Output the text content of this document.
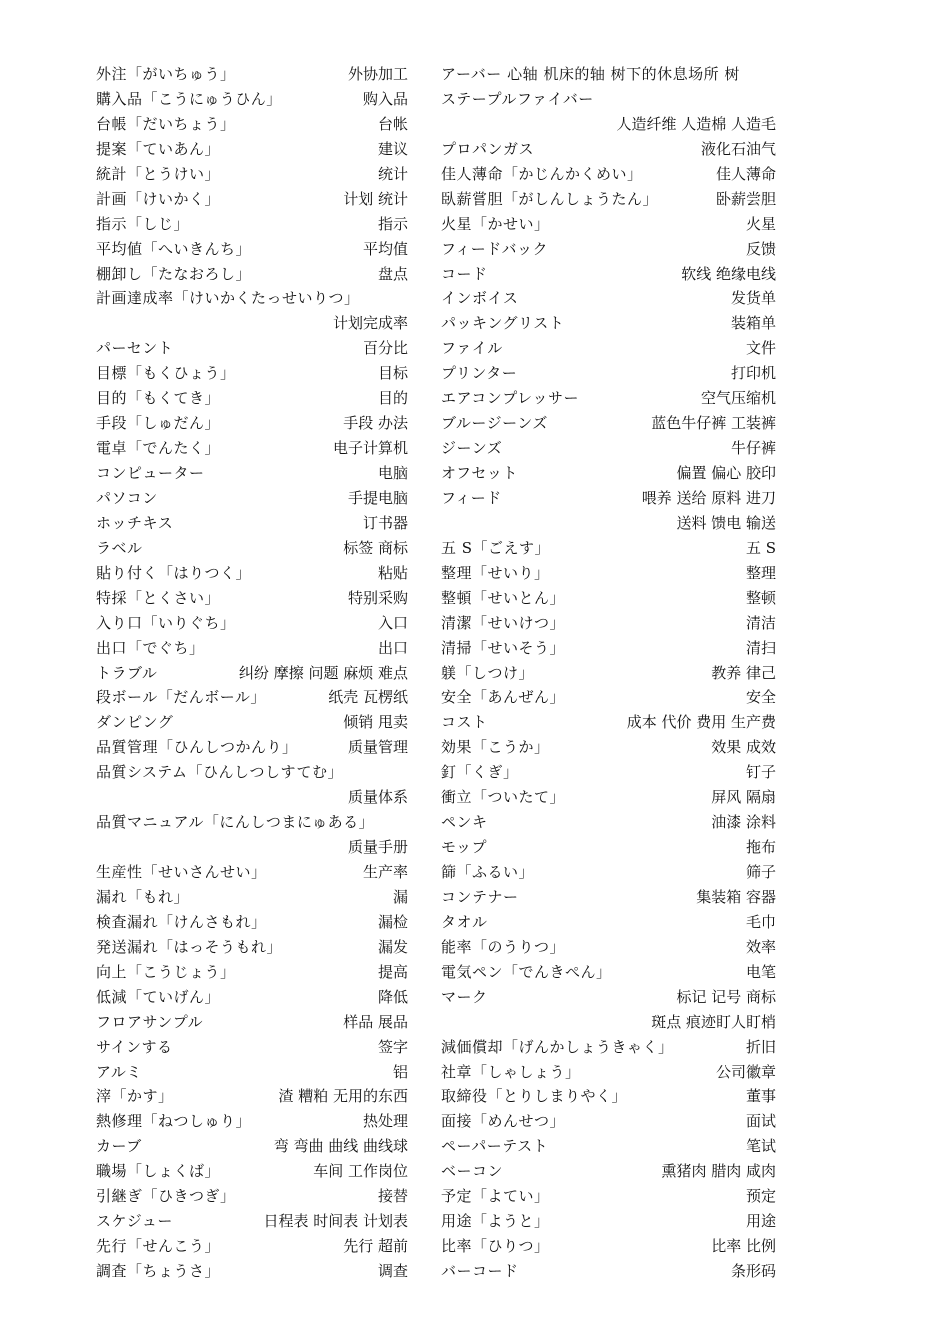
外注「がいちゅう」	外协加工
購入品「こうにゅうひん」	购入品
台帳「だいちょう」	台帐
提案「ていあん」	建议
統計「とうけい」	统计
計画「けいかく」	计划 统计
指示「しじ」	指示
平均値「へいきんち」	平均值
棚卸し「たなおろし」	盘点
計画達成率「けいかくたっせいりつ」
计划完成率
パーセント	百分比
目標「もくひょう」	目标
目的「もくてき」	目的
手段「しゅだん」	手段 办法
電卓「でんたく」	电子计算机
コンピューター	电脑
パソコン	手提电脑
ホッチキス	订书器
ラベル	标签 商标
貼り付く「はりつく」	粘贴
特採「とくさい」	特别采购
入り口「いりぐち」	入口
出口「でぐち」	出口
トラブル	纠纷 摩擦 问题 麻烦 难点
段ボール「だんボール」	纸壳 瓦楞纸
ダンピング	倾销 甩卖
品質管理「ひんしつかんり」	质量管理
品質システム「ひんしつしすてむ」
质量体系
品質マニュアル「にんしつまにゅある」
质量手册
生産性「せいさんせい」	生产率
漏れ「もれ」	漏
検査漏れ「けんさもれ」	漏检
発送漏れ「はっそうもれ」	漏发
向上「こうじょう」	提高
低減「ていげん」	降低
フロアサンプル	样品 展品
サインする	签字
アルミ	铝
滓「かす」	渣 糟粕 无用的东西
熱修理「ねつしゅり」	热处理
カーブ	弯 弯曲 曲线 曲线球
職場「しょくば」	车间 工作岗位
引継ぎ「ひきつぎ」	接替
スケジュー	日程表 时间表 计划表
先行「せんこう」	先行 超前
調査「ちょうさ」	调查
アーバー 心轴 机床的轴 树下的休息场所 树
ステープルファイバー
人造纤维 人造棉 人造毛
プロパンガス	液化石油气
佳人薄命「かじんかくめい」	佳人薄命
臥薪嘗胆「がしんしょうたん」	卧薪尝胆
火星「かせい」	火星
フィードバック	反馈
コード	软线 绝缘电线
インボイス	发货单
パッキングリスト	装箱单
ファイル	文件
プリンター	打印机
エアコンプレッサー	空气压缩机
ブルージーンズ	蓝色牛仔裤 工装裤
ジーンズ	牛仔裤
オフセット	偏置 偏心 胶印
フィード	喂养 送给 原料 进刀
送料 馈电 输送
五 S「ごえす」	五 S
整理「せいり」	整理
整頓「せいとん」	整顿
清潔「せいけつ」	清洁
清掃「せいそう」	清扫
躾「しつけ」	教养 律己
安全「あんぜん」	安全
コスト	成本 代价 费用 生产费
効果「こうか」	效果 成效
釘「くぎ」	钉子
衝立「ついたて」	屏风 隔扇
ペンキ	油漆 涂料
モップ	拖布
篩「ふるい」	筛子
コンテナー	集装箱 容器
タオル	毛巾
能率「のうりつ」	效率
電気ペン「でんきぺん」	电笔
マーク	标记 记号 商标
斑点 痕迹盯人盯梢
減価償却「げんかしょうきゃく」	折旧
社章「しゃしょう」	公司徽章
取締役「とりしまりやく」	董事
面接「めんせつ」	面试
ペーパーテスト	笔试
ベーコン	熏猪肉 腊肉 咸肉
予定「よてい」	预定
用途「ようと」	用途
比率「ひりつ」	比率 比例
バーコード	条形码
